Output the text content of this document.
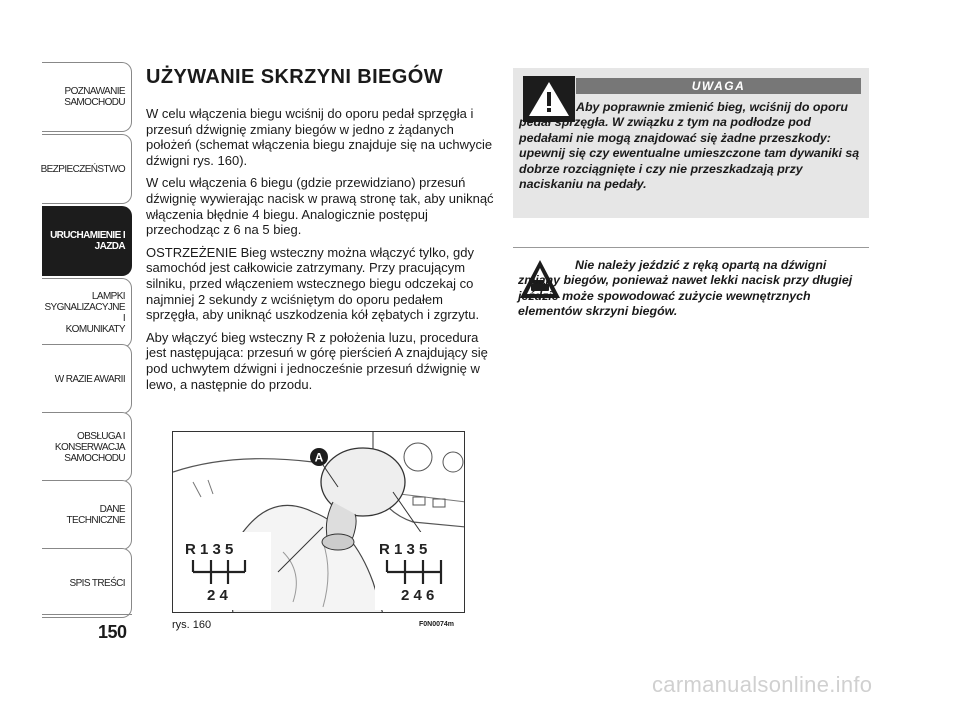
POZNAWANIE
SAMOCHODU
BEZPIECZEŃSTWO
URUCHAMIENIE I
JAZDA
LAMPKI
SYGNALIZACYJNE I
KOMUNIKATY
W RAZIE AWARII
OBSŁUGA I
KONSERWACJA
SAMOCHODU
DANE TECHNICZNE
SPIS TREŚCI
150
UŻYWANIE SKRZYNI BIEGÓW

W celu włączenia biegu wciśnij do oporu pedał sprzęgła i przesuń dźwignię zmiany biegów w jedno z żądanych położeń (schemat włączenia biegu znajduje się na uchwycie dźwigni rys. 160).

W celu włączenia 6 biegu (gdzie przewidziano) przesuń dźwignię wywierając nacisk w prawą stronę tak, aby uniknąć włączenia błędnie 4 biegu. Analogicznie postępuj przechodząc z 6 na 5 bieg.

OSTRZEŻENIE Bieg wsteczny można włączyć tylko, gdy samochód jest całkowicie zatrzymany. Przy pracującym silniku, przed włączeniem wstecznego biegu odczekaj co najmniej 2 sekundy z wciśniętym do oporu pedałem sprzęgła, aby uniknąć uszkodzenia kół zębatych i zgrzytu.

Aby włączyć bieg wsteczny R z położenia luzu, procedura jest następująca: przesuń w górę pierścień A znajdujący się pod uchwytem dźwigni i jednocześnie przesuń dźwignię w lewo, a następnie do przodu.

UWAGA
Aby poprawnie zmienić bieg, wciśnij do oporu pedał sprzęgła. W związku z tym na podłodze pod pedałami nie mogą znajdować się żadne przeszkody: upewnij się czy ewentualne umieszczone tam dywaniki są dobrze rozciągnięte i czy nie przeszkadzają przy naciskaniu na pedały.
Nie należy jeździć z ręką opartą na dźwigni zmiany biegów, ponieważ nawet lekki nacisk przy długiej jeździe może spowodować zużycie wewnętrznych elementów skrzyni biegów.
A
R 1 3 5
2 4
R 1 3 5
2 4 6
rys. 160	F0N0074m
carmanualsonline.info
